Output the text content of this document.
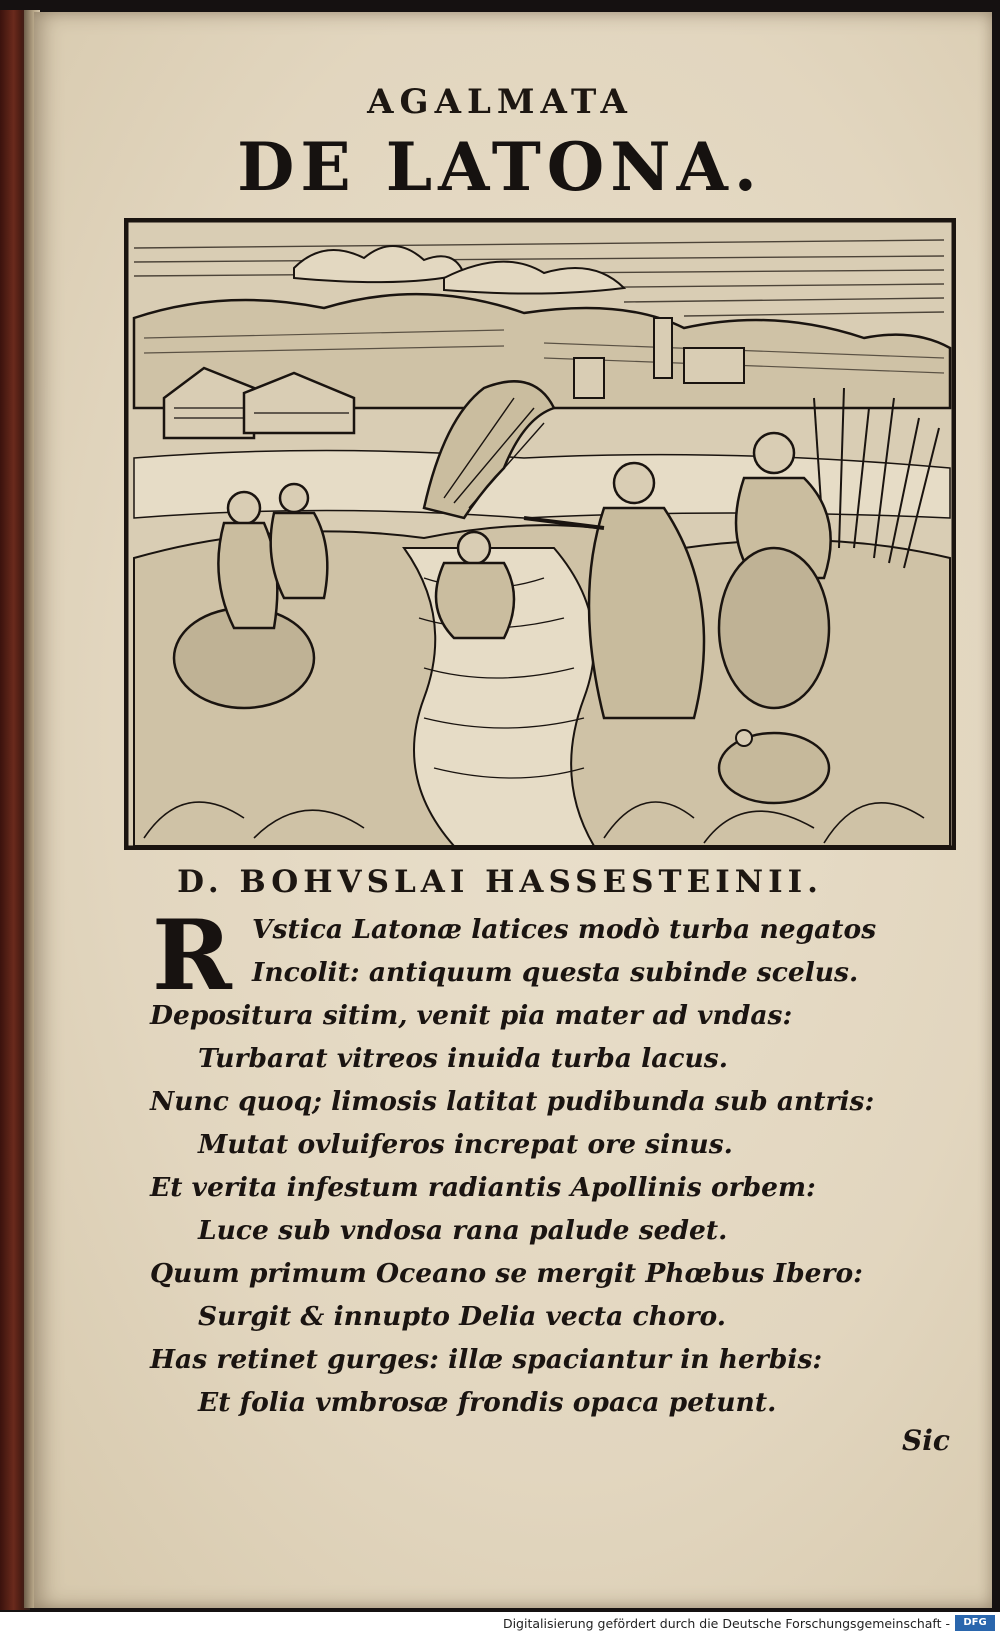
AGALMATA
DE LATONA.
D. BOHVSLAI HASSESTEINII.
R Vstica Latonæ latices modò turba negatos
Incolit: antiquum questa subinde scelus.
Depositura sitim, venit pia mater ad vndas:
Turbarat vitreos inuida turba lacus.
Nunc quoq; limosis latitat pudibunda sub antris:
Mutat ovluiferos increpat ore sinus.
Et verita infestum radiantis Apollinis orbem:
Luce sub vndosa rana palude sedet.
Quum primum Oceano se mergit Phœbus Ibero:
Surgit & innupto Delia vecta choro.
Has retinet gurges: illæ spaciantur in herbis:
Et folia vmbrosæ frondis opaca petunt.
Sic
Digitalisierung gefördert durch die Deutsche Forschungsgemeinschaft -	DFG
